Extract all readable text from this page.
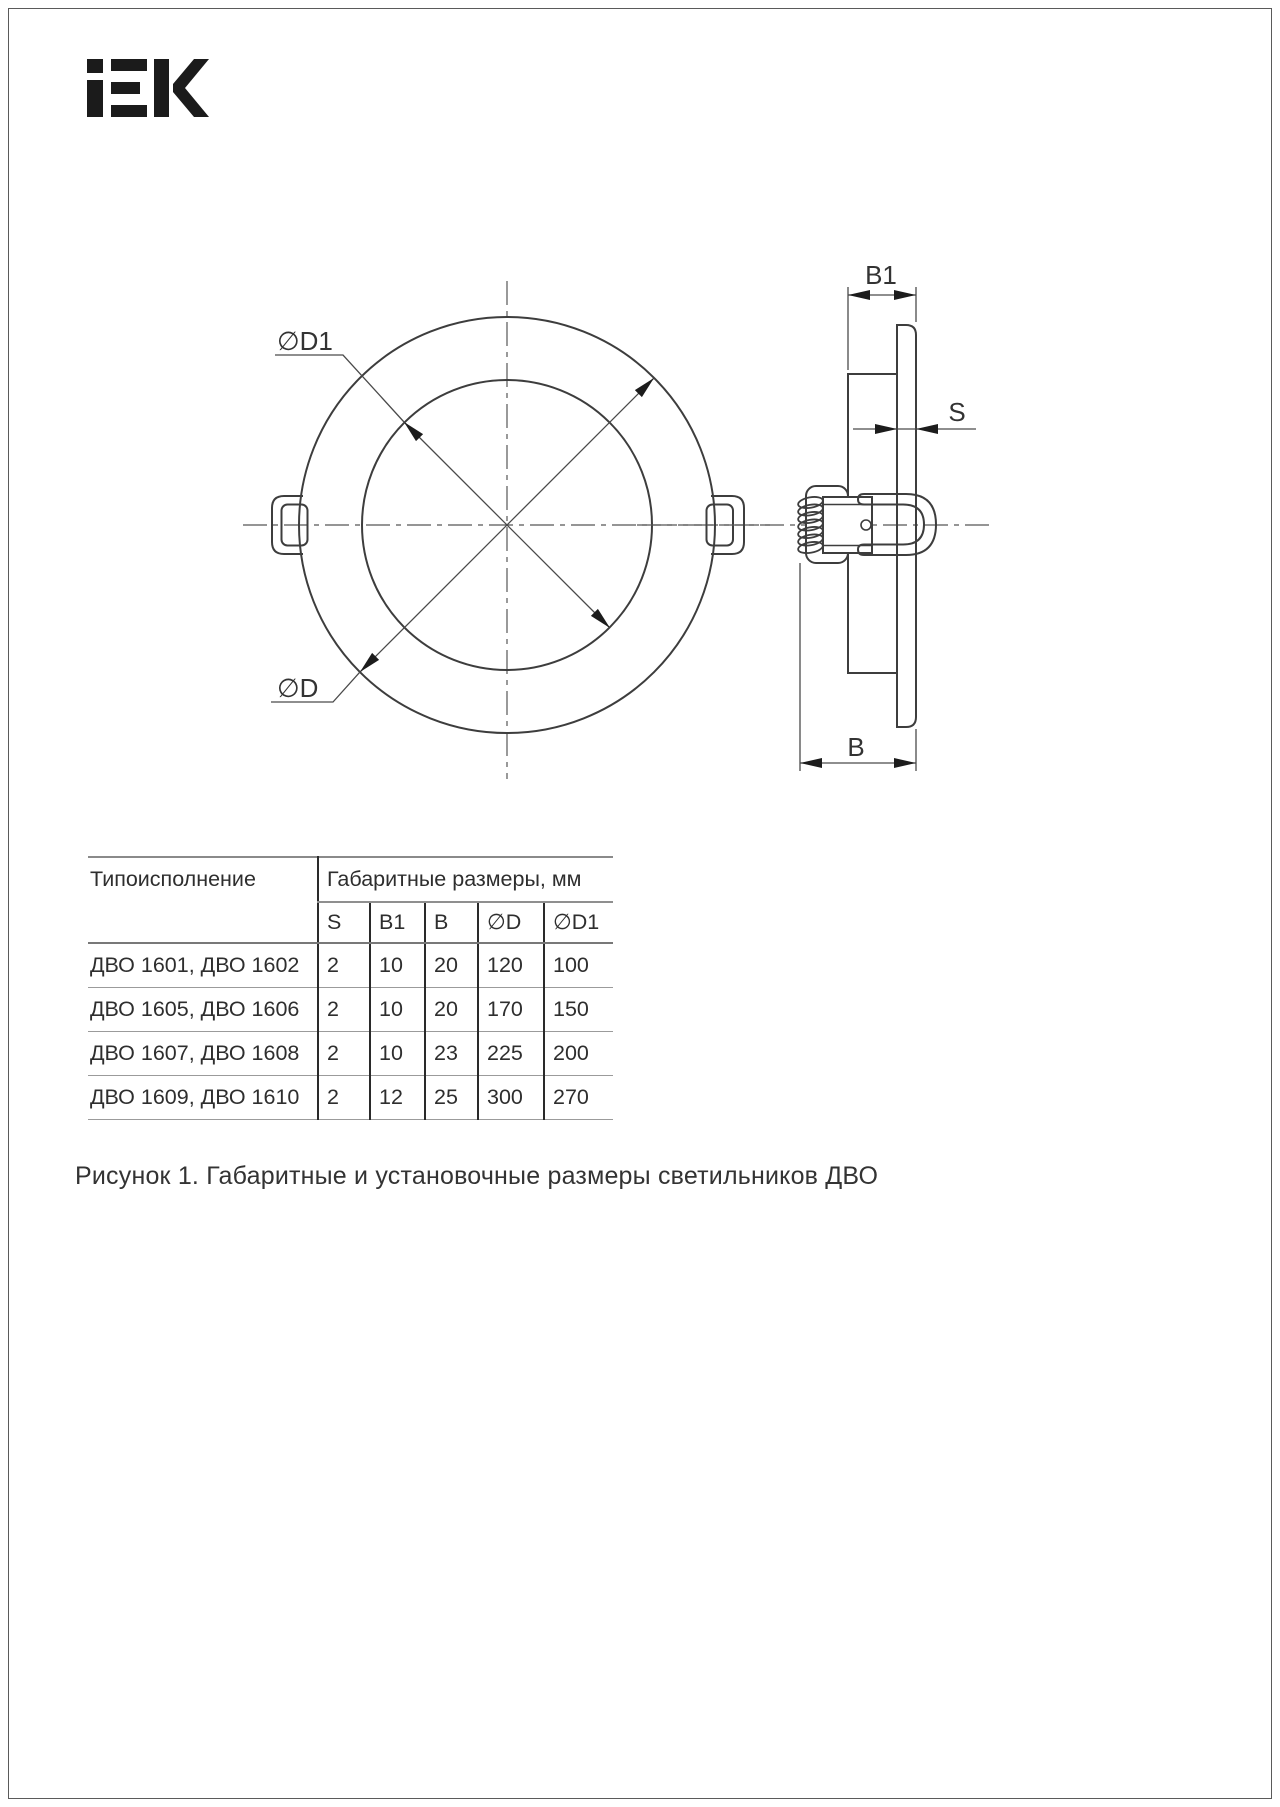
∅D1
∅D
B1
S
B
Типоисполнение	Габаритные размеры, мм				
	S	B1	B	∅D	∅D1
ДВО 1601, ДВО 1602	2	10	20	120	100
ДВО 1605, ДВО 1606	2	10	20	170	150
ДВО 1607, ДВО 1608	2	10	23	225	200
ДВО 1609, ДВО 1610	2	12	25	300	270
Рисунок 1. Габаритные и установочные размеры светильников ДВО
